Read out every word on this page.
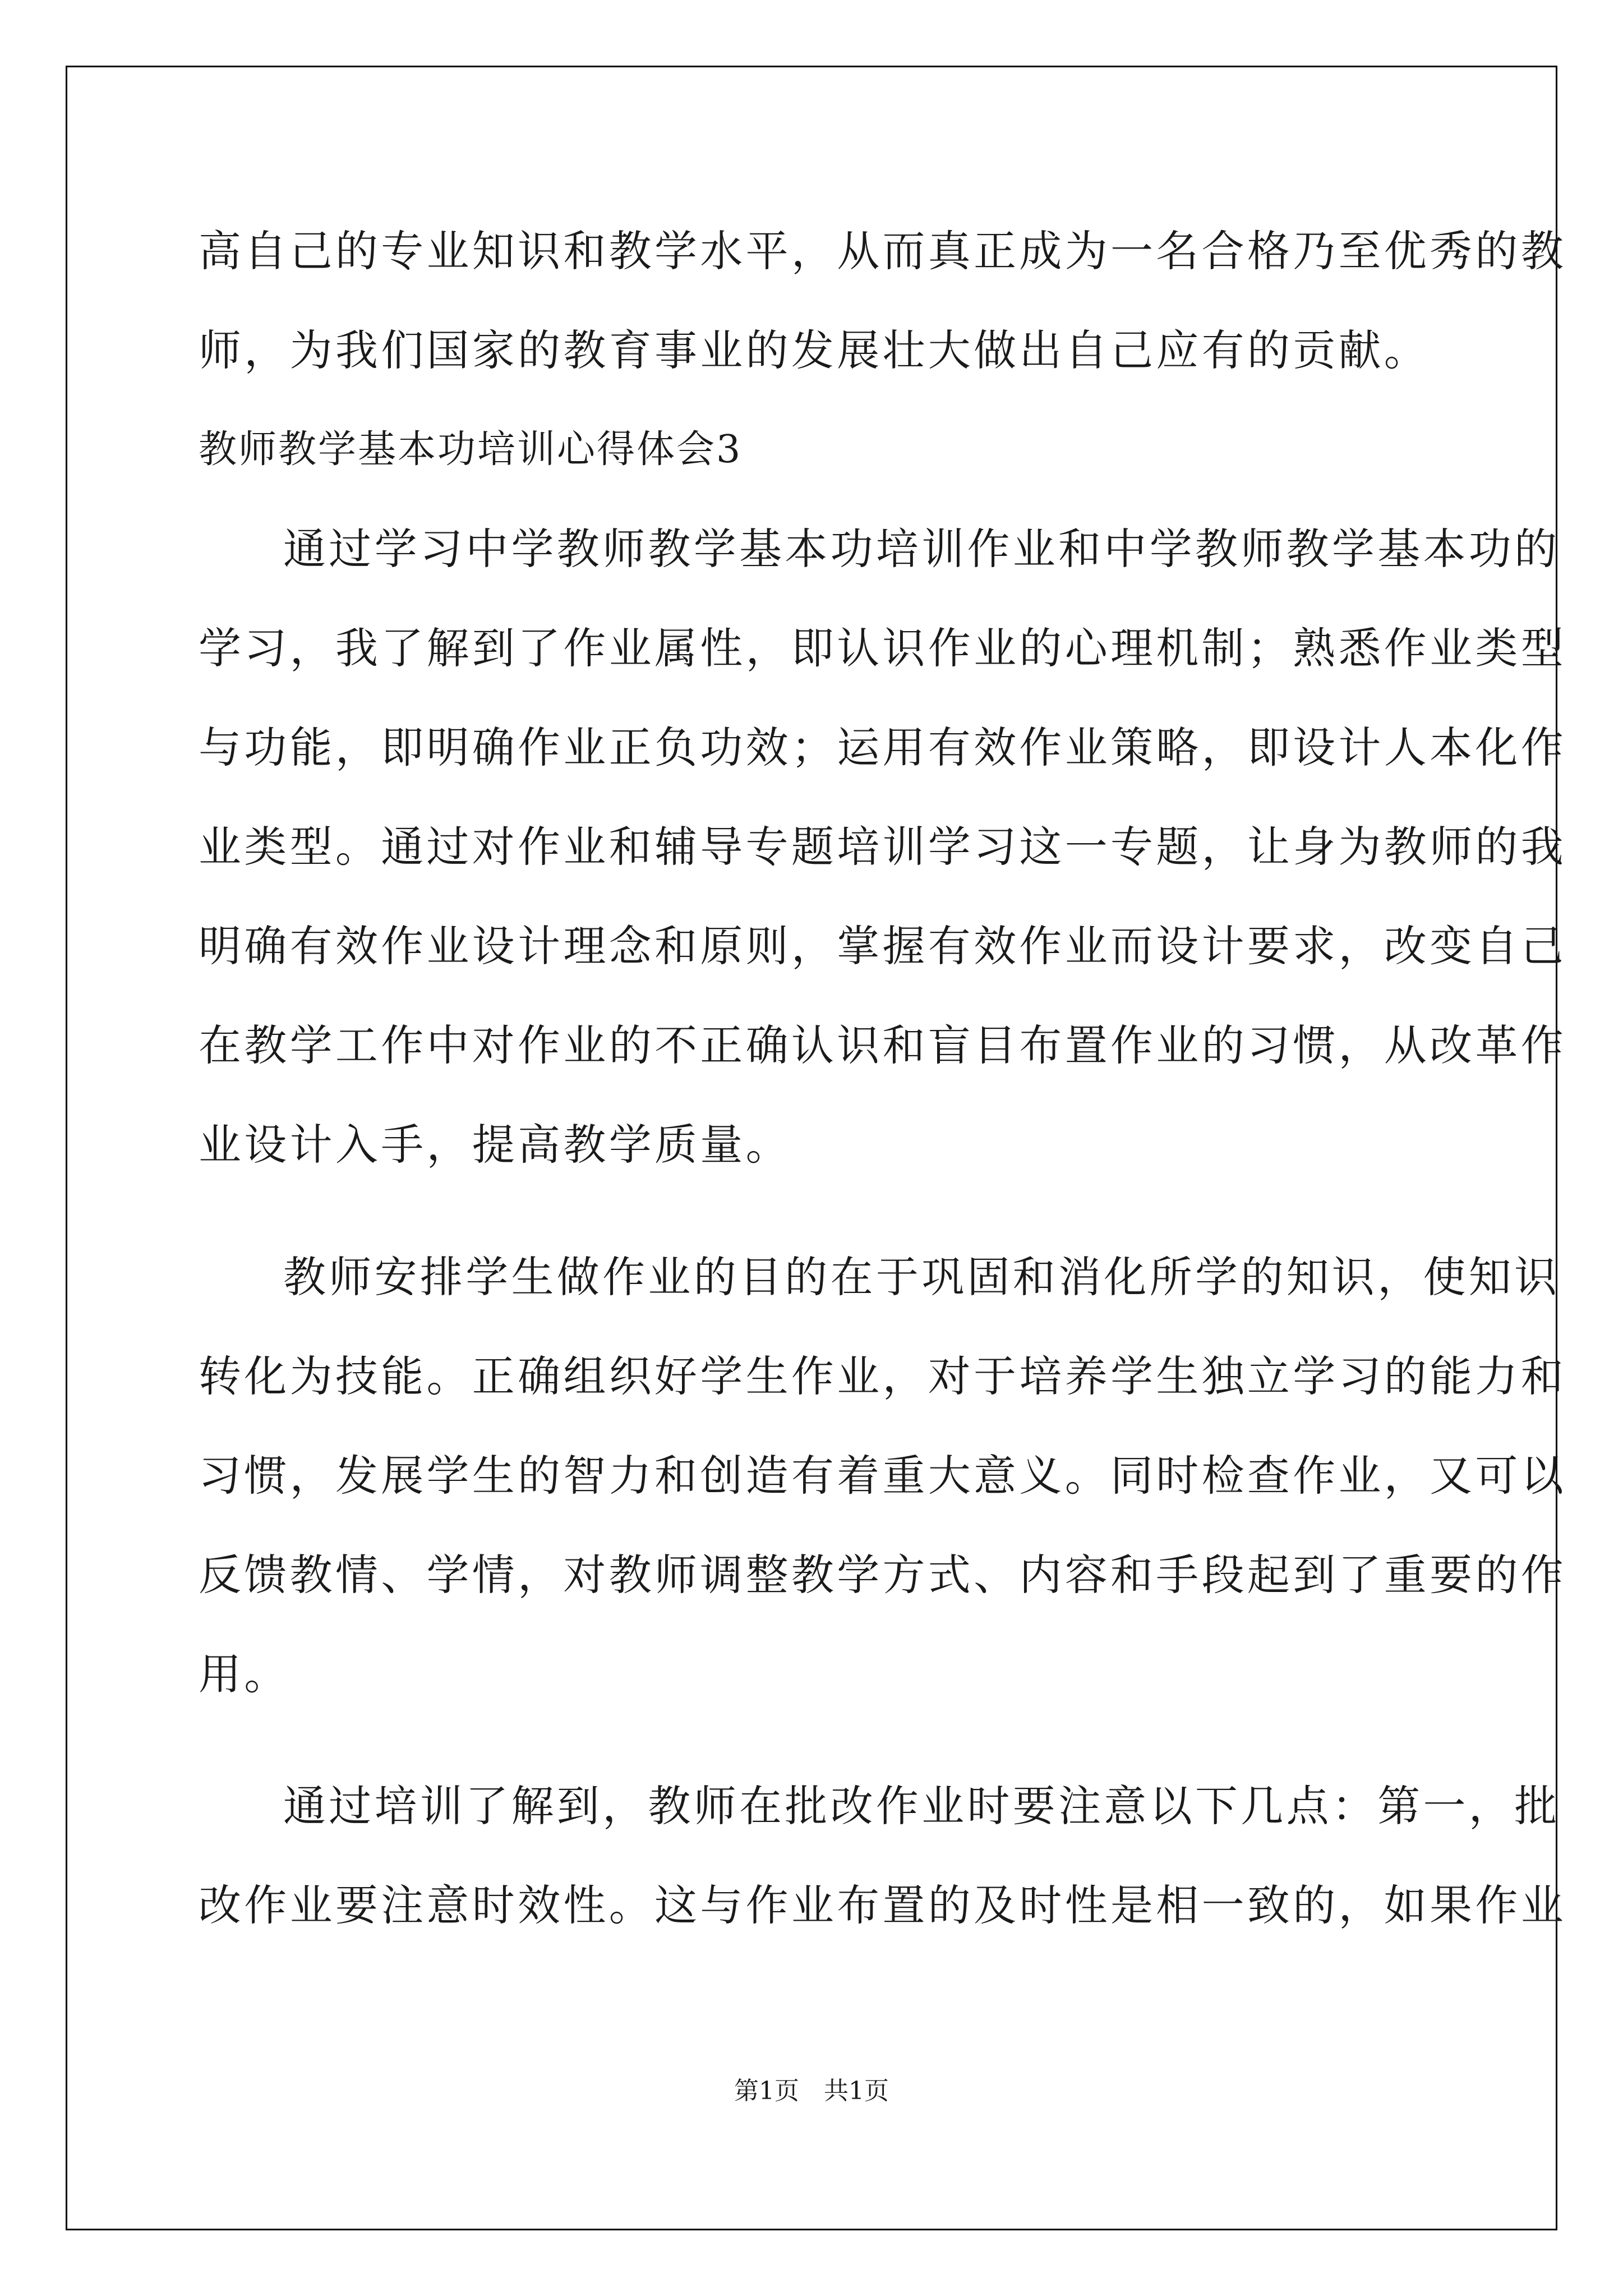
高自己的专业知识和教学水平，从而真正成为一名合格乃至优秀的教
师，为我们国家的教育事业的发展壮大做出自己应有的贡献。
教师教学基本功培训心得体会3
通过学习中学教师教学基本功培训作业和中学教师教学基本功的
学习，我了解到了作业属性，即认识作业的心理机制；熟悉作业类型
与功能，即明确作业正负功效；运用有效作业策略，即设计人本化作
业类型。通过对作业和辅导专题培训学习这一专题，让身为教师的我
明确有效作业设计理念和原则，掌握有效作业而设计要求，改变自己
在教学工作中对作业的不正确认识和盲目布置作业的习惯，从改革作
业设计入手，提高教学质量。
教师安排学生做作业的目的在于巩固和消化所学的知识，使知识
转化为技能。正确组织好学生作业，对于培养学生独立学习的能力和
习惯，发展学生的智力和创造有着重大意义。同时检查作业，又可以
反馈教情、学情，对教师调整教学方式、内容和手段起到了重要的作
用。
通过培训了解到，教师在批改作业时要注意以下几点：第一，批
改作业要注意时效性。这与作业布置的及时性是相一致的，如果作业
第1页　共1页
